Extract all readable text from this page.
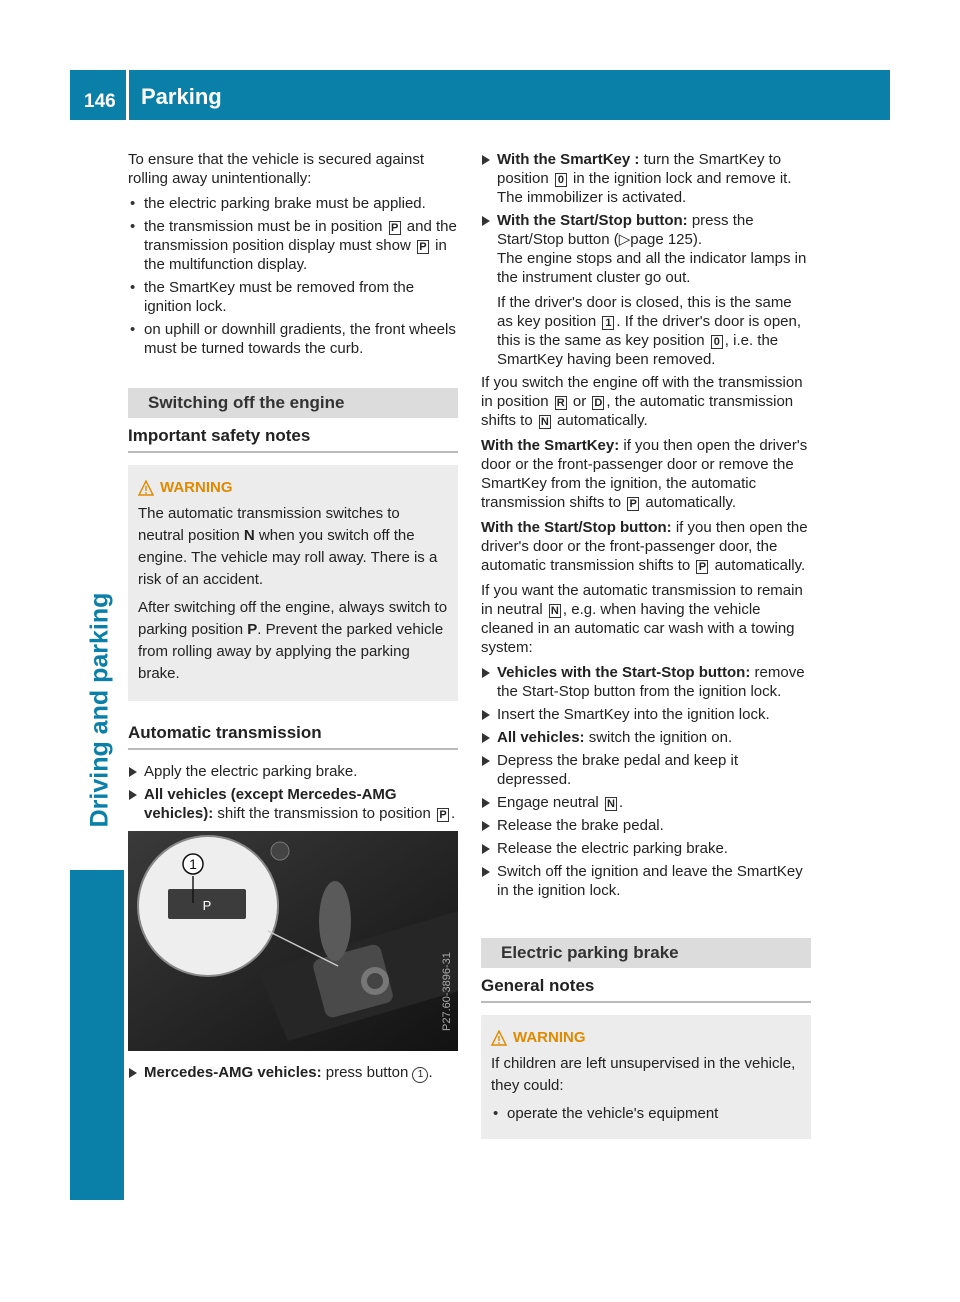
146 Parking
Driving and parking

To ensure that the vehicle is secured against rolling away unintentionally:

• the electric parking brake must be applied.
• the transmission must be in position P and the transmission position display must show P in the multifunction display.
• the SmartKey must be removed from the ignition lock.
• on uphill or downhill gradients, the front wheels must be turned towards the curb.
Switching off the engine
Important safety notes
WARNING

The automatic transmission switches to neutral position N when you switch off the engine. The vehicle may roll away. There is a risk of an accident.

After switching off the engine, always switch to parking position P. Prevent the parked vehicle from rolling away by applying the parking brake.

Automatic transmission
Apply the electric parking brake.
All vehicles (except Mercedes-AMG vehicles): shift the transmission to position P .
1
P
P27.60-3896-31
Mercedes-AMG vehicles: press button 1 .
With the SmartKey : turn the SmartKey to position 0 in the ignition lock and remove it.
The immobilizer is activated.
With the Start/Stop button: press the Start/Stop button (▷page 125).
The engine stops and all the indicator lamps in the instrument cluster go out.
If the driver's door is closed, this is the same as key position 1 . If the driver's door is open, this is the same as key position 0 , i.e. the SmartKey having been removed.

If you switch the engine off with the transmission in position R or D , the automatic transmission shifts to N automatically.

With the SmartKey: if you then open the driver's door or the front-passenger door or remove the SmartKey from the ignition, the automatic transmission shifts to P automatically.

With the Start/Stop button: if you then open the driver's door or the front-passenger door, the automatic transmission shifts to P automatically.

If you want the automatic transmission to remain in neutral N , e.g. when having the vehicle cleaned in an automatic car wash with a towing system:

Vehicles with the Start-Stop button: remove the Start-Stop button from the ignition lock.
Insert the SmartKey into the ignition lock.
All vehicles: switch the ignition on.
Depress the brake pedal and keep it depressed.
Engage neutral N .
Release the brake pedal.
Release the electric parking brake.
Switch off the ignition and leave the SmartKey in the ignition lock.
Electric parking brake
General notes
WARNING

If children are left unsupervised in the vehicle, they could:

• operate the vehicle's equipment
